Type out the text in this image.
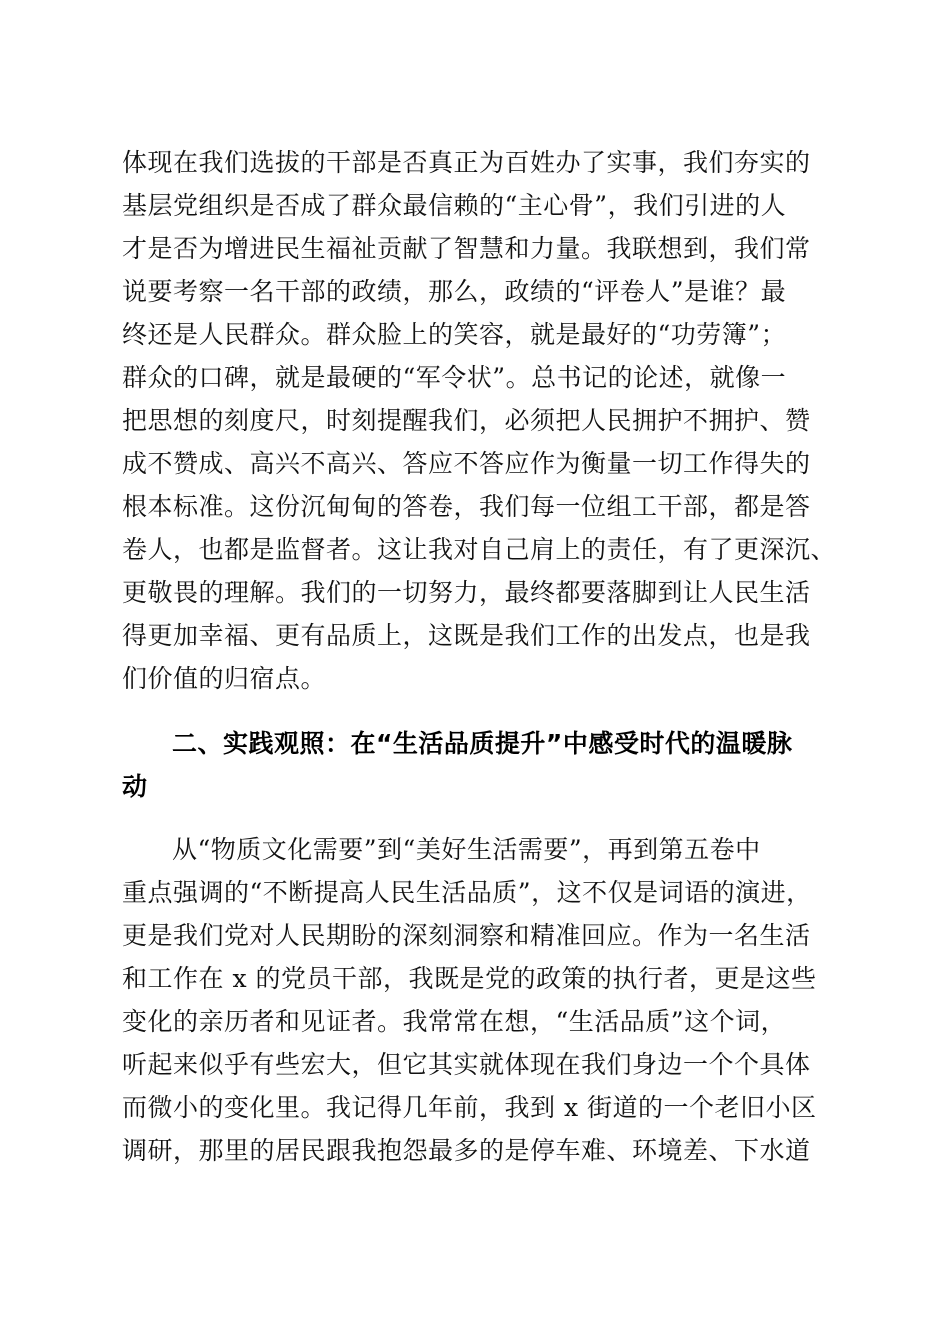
体现在我们选拔的干部是否真正为百姓办了实事，我们夯实的
基层党组织是否成了群众最信赖的“主心骨”，我们引进的人
才是否为增进民生福祉贡献了智慧和力量。我联想到，我们常
说要考察一名干部的政绩，那么，政绩的“评卷人”是谁？最
终还是人民群众。群众脸上的笑容，就是最好的“功劳簿”；
群众的口碑，就是最硬的“军令状”。总书记的论述，就像一
把思想的刻度尺，时刻提醒我们，必须把人民拥护不拥护、赞
成不赞成、高兴不高兴、答应不答应作为衡量一切工作得失的
根本标准。这份沉甸甸的答卷，我们每一位组工干部，都是答
卷人，也都是监督者。这让我对自己肩上的责任，有了更深沉、
更敬畏的理解。我们的一切努力，最终都要落脚到让人民生活
得更加幸福、更有品质上，这既是我们工作的出发点，也是我
们价值的归宿点。
二、实践观照：在“生活品质提升”中感受时代的温暖脉
动
从“物质文化需要”到“美好生活需要”，再到第五卷中
重点强调的“不断提高人民生活品质”，这不仅是词语的演进，
更是我们党对人民期盼的深刻洞察和精准回应。作为一名生活
和工作在 x 的党员干部，我既是党的政策的执行者，更是这些
变化的亲历者和见证者。我常常在想，“生活品质”这个词，
听起来似乎有些宏大，但它其实就体现在我们身边一个个具体
而微小的变化里。我记得几年前，我到 x 街道的一个老旧小区
调研，那里的居民跟我抱怨最多的是停车难、环境差、下水道
